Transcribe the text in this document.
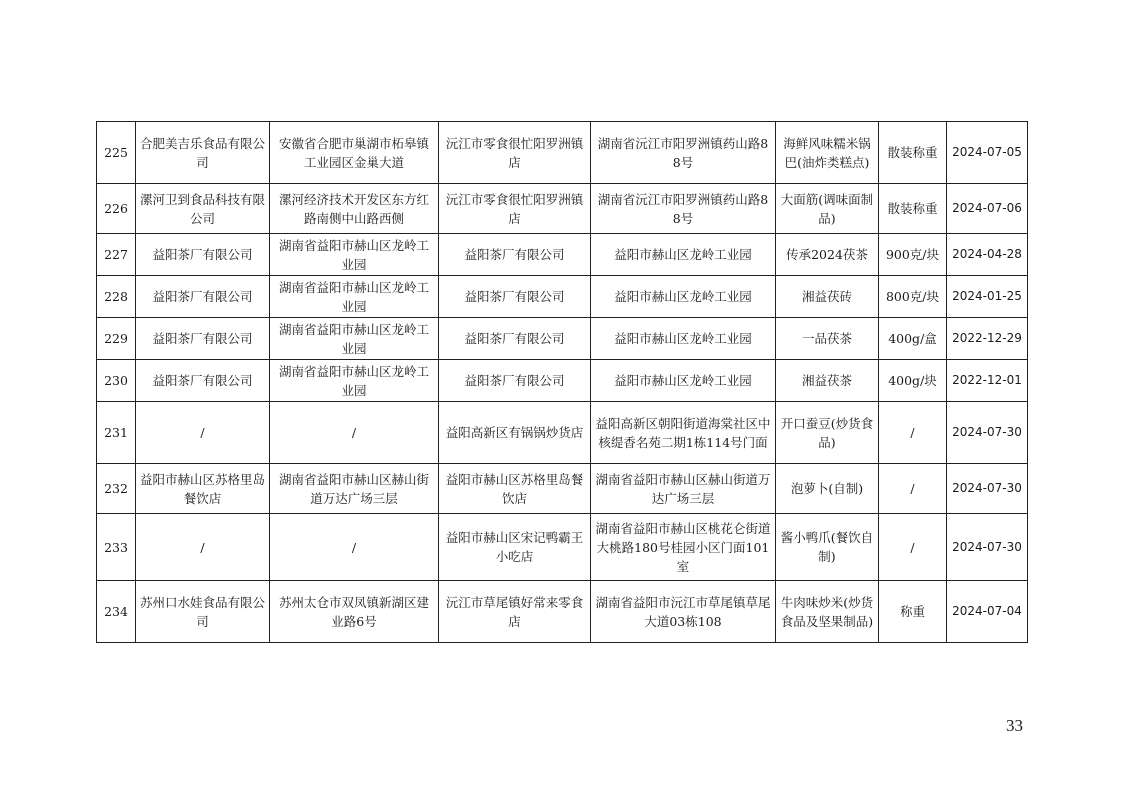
225	合肥美吉乐食品有限公司	安徽省合肥市巢湖市柘皋镇工业园区金巢大道	沅江市零食很忙阳罗洲镇店	湖南省沅江市阳罗洲镇药山路88号	海鲜风味糯米锅巴(油炸类糕点)	散装称重	2024-07-05
226	漯河卫到食品科技有限公司	漯河经济技术开发区东方红路南侧中山路西侧	沅江市零食很忙阳罗洲镇店	湖南省沅江市阳罗洲镇药山路88号	大面筋(调味面制品)	散装称重	2024-07-06
227	益阳茶厂有限公司	湖南省益阳市赫山区龙岭工业园	益阳茶厂有限公司	益阳市赫山区龙岭工业园	传承2024茯茶	900克/块	2024-04-28
228	益阳茶厂有限公司	湖南省益阳市赫山区龙岭工业园	益阳茶厂有限公司	益阳市赫山区龙岭工业园	湘益茯砖	800克/块	2024-01-25
229	益阳茶厂有限公司	湖南省益阳市赫山区龙岭工业园	益阳茶厂有限公司	益阳市赫山区龙岭工业园	一品茯茶	400g/盒	2022-12-29
230	益阳茶厂有限公司	湖南省益阳市赫山区龙岭工业园	益阳茶厂有限公司	益阳市赫山区龙岭工业园	湘益茯茶	400g/块	2022-12-01
231	/	/	益阳高新区有锅锅炒货店	益阳高新区朝阳街道海棠社区中核缇香名苑二期1栋114号门面	开口蚕豆(炒货食品)	/	2024-07-30
232	益阳市赫山区苏格里岛餐饮店	湖南省益阳市赫山区赫山街道万达广场三层	益阳市赫山区苏格里岛餐饮店	湖南省益阳市赫山区赫山街道万达广场三层	泡萝卜(自制)	/	2024-07-30
233	/	/	益阳市赫山区宋记鸭霸王小吃店	湖南省益阳市赫山区桃花仑街道大桃路180号桂园小区门面101室	酱小鸭爪(餐饮自制)	/	2024-07-30
234	苏州口水娃食品有限公司	苏州太仓市双凤镇新湖区建业路6号	沅江市草尾镇好常来零食店	湖南省益阳市沅江市草尾镇草尾大道03栋108	牛肉味炒米(炒货食品及坚果制品)	称重	2024-07-04
33
